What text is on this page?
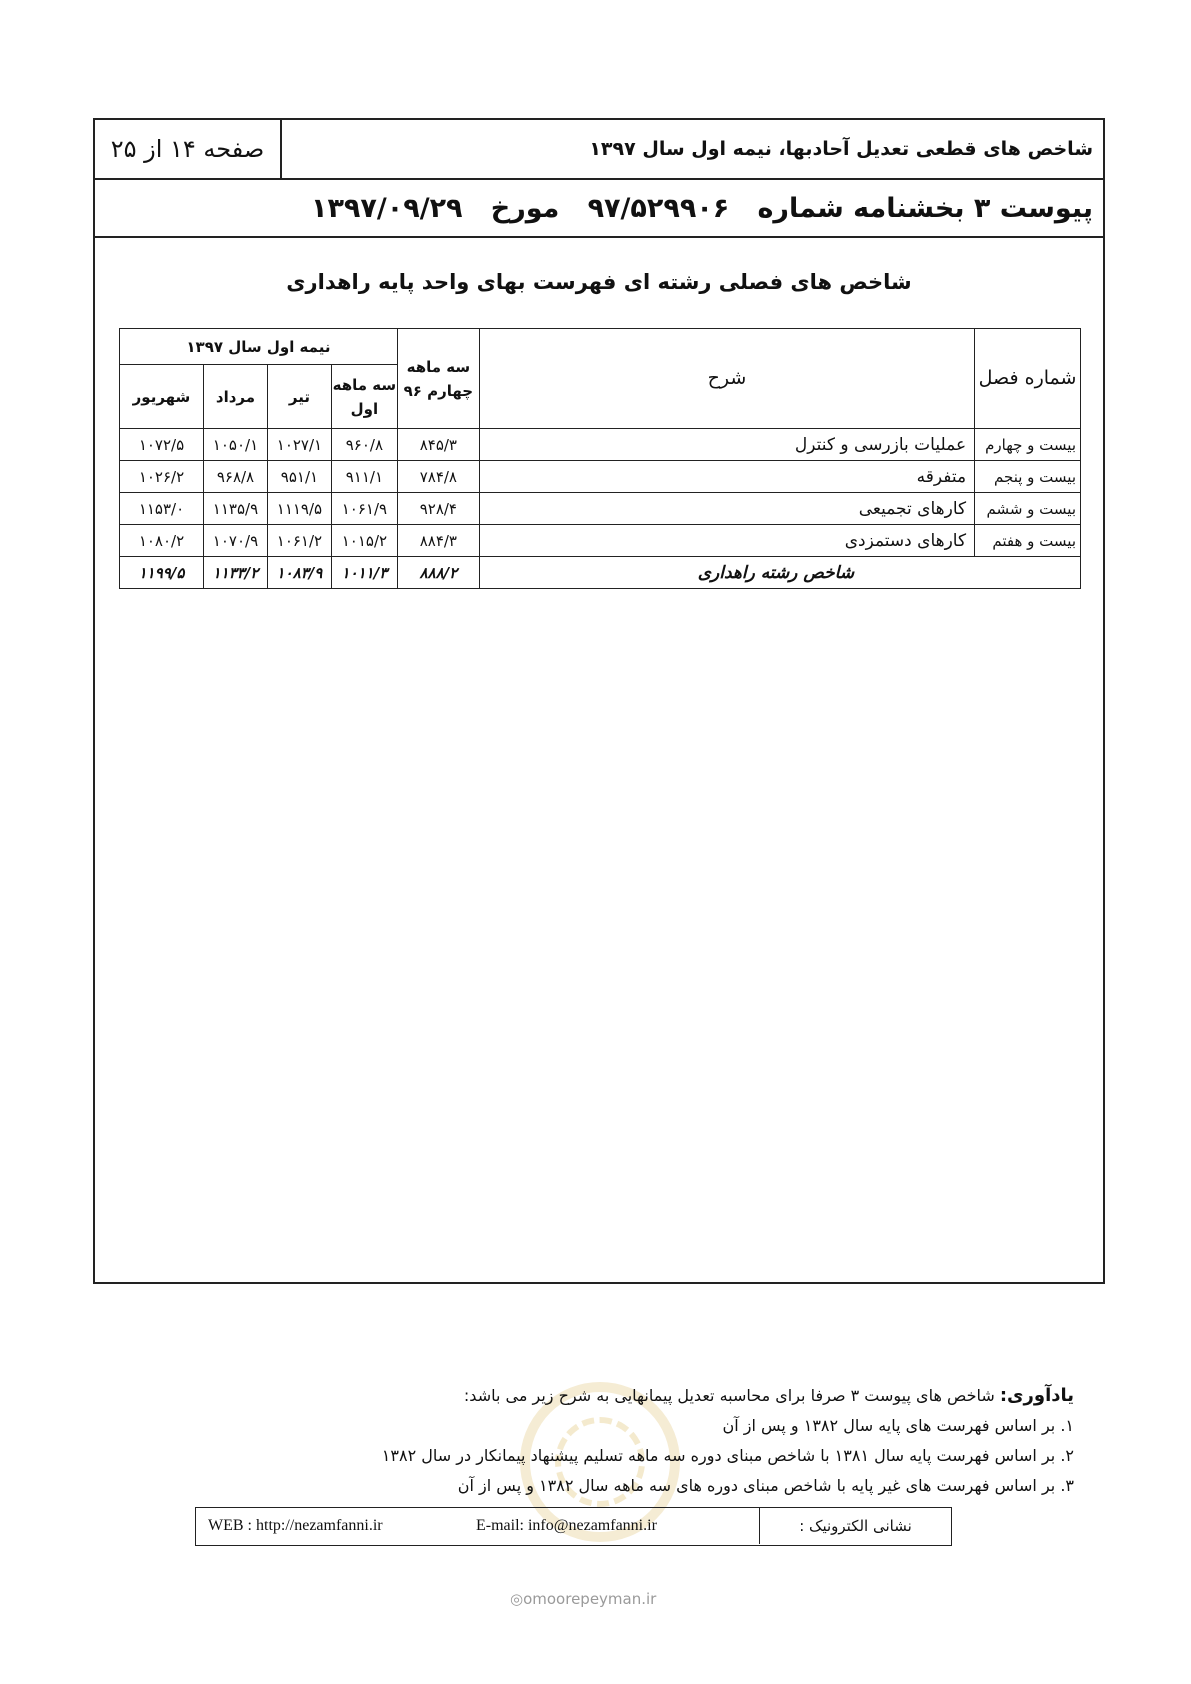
صفحه ۱۴ از ۲۵	شاخص های قطعی تعدیل آحادبها، نیمه اول سال ۱۳۹۷
پیوست ۳ بخشنامه شماره   ۹۷/۵۲۹۹۰۶   مورخ   ۱۳۹۷/۰۹/۲۹
شاخص های فصلی رشته ای فهرست بهای واحد پایه راهداری
شماره فصل	شرح	سه ماهه چهارم ۹۶	نیمه اول سال ۱۳۹۷			
			سه ماهه اول	تیر	مرداد	شهریور
بیست و چهارم	عملیات بازرسی و کنترل	۸۴۵/۳	۹۶۰/۸	۱۰۲۷/۱	۱۰۵۰/۱	۱۰۷۲/۵
بیست و پنجم	متفرقه	۷۸۴/۸	۹۱۱/۱	۹۵۱/۱	۹۶۸/۸	۱۰۲۶/۲
بیست و ششم	کارهای تجمیعی	۹۲۸/۴	۱۰۶۱/۹	۱۱۱۹/۵	۱۱۳۵/۹	۱۱۵۳/۰
بیست و هفتم	کارهای دستمزدی	۸۸۴/۳	۱۰۱۵/۲	۱۰۶۱/۲	۱۰۷۰/۹	۱۰۸۰/۲
شاخص رشته راهداری		۸۸۸/۲	۱۰۱۱/۳	۱۰۸۳/۹	۱۱۳۳/۲	۱۱۹۹/۵
یادآوری: شاخص های پیوست ۳ صرفا برای محاسبه تعدیل پیمانهایی به شرح زیر می باشد:
۱. بر اساس فهرست های پایه سال ۱۳۸۲ و پس از آن
۲. بر اساس فهرست پایه سال ۱۳۸۱ با شاخص مبنای دوره سه ماهه تسلیم پیشنهاد پیمانکار در سال ۱۳۸۲
۳. بر اساس فهرست های غیر پایه با شاخص مبنای دوره های سه ماهه سال ۱۳۸۲ و پس از آن
نشانی الکترونیک :
E-mail: info@nezamfanni.ir
WEB : http://nezamfanni.ir
◎omoorepeyman.ir
